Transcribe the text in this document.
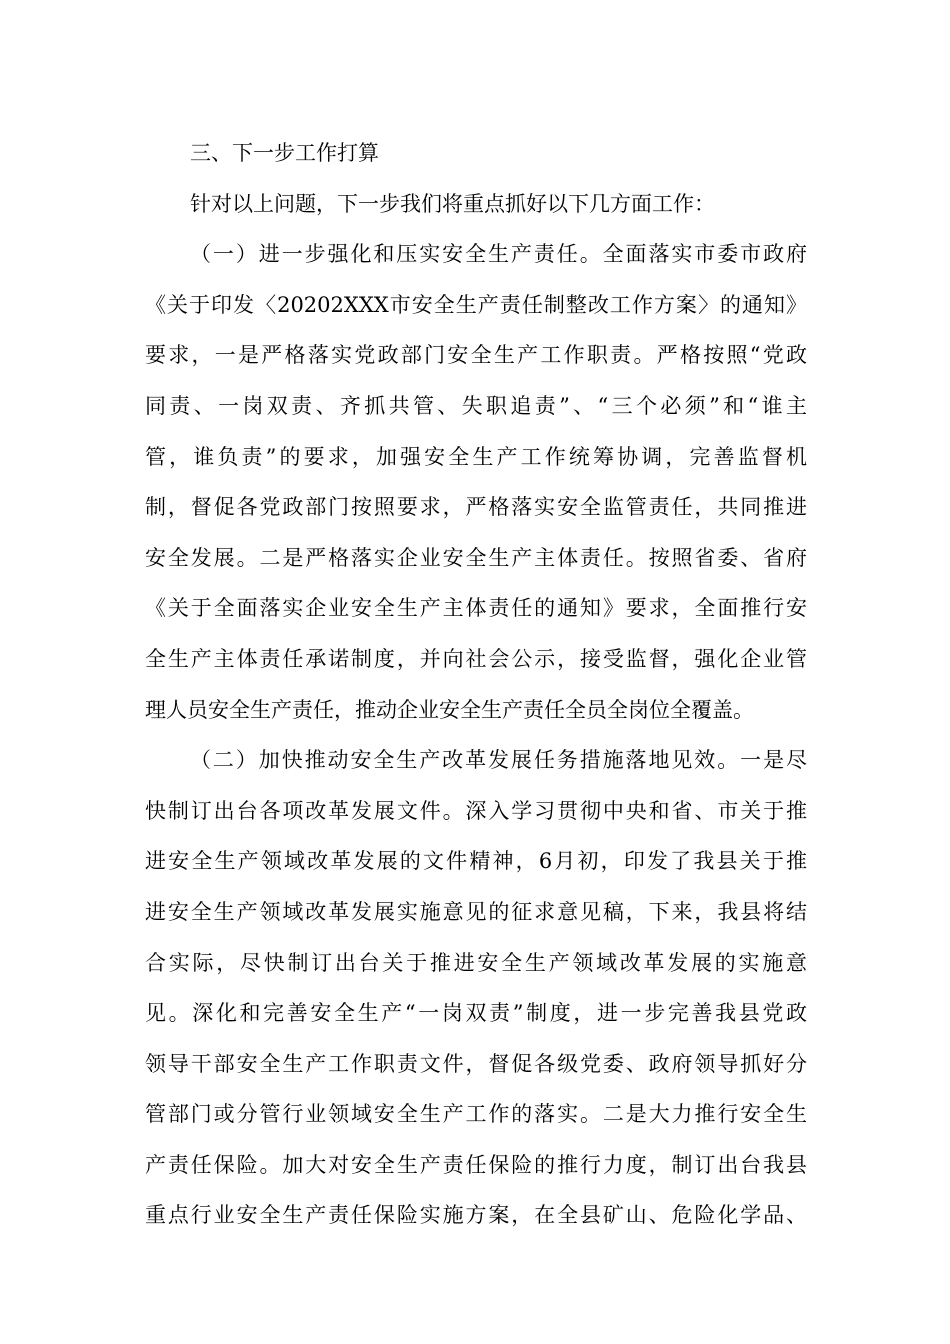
三、下一步工作打算
针对以上问题，下一步我们将重点抓好以下几方面工作：
（一）进一步强化和压实安全生产责任。全面落实市委市政府
《关于印发〈20202XXX市安全生产责任制整改工作方案〉的通知》
要求，一是严格落实党政部门安全生产工作职责。严格按照“党政
同责、一岗双责、齐抓共管、失职追责”、“三个必须”和“谁主
管，谁负责”的要求，加强安全生产工作统筹协调，完善监督机
制，督促各党政部门按照要求，严格落实安全监管责任，共同推进
安全发展。二是严格落实企业安全生产主体责任。按照省委、省府
《关于全面落实企业安全生产主体责任的通知》要求，全面推行安
全生产主体责任承诺制度，并向社会公示，接受监督，强化企业管
理人员安全生产责任，推动企业安全生产责任全员全岗位全覆盖。
（二）加快推动安全生产改革发展任务措施落地见效。一是尽
快制订出台各项改革发展文件。深入学习贯彻中央和省、市关于推
进安全生产领域改革发展的文件精神，6月初，印发了我县关于推
进安全生产领域改革发展实施意见的征求意见稿，下来，我县将结
合实际，尽快制订出台关于推进安全生产领域改革发展的实施意
见。深化和完善安全生产“一岗双责”制度，进一步完善我县党政
领导干部安全生产工作职责文件，督促各级党委、政府领导抓好分
管部门或分管行业领域安全生产工作的落实。二是大力推行安全生
产责任保险。加大对安全生产责任保险的推行力度，制订出台我县
重点行业安全生产责任保险实施方案，在全县矿山、危险化学品、
